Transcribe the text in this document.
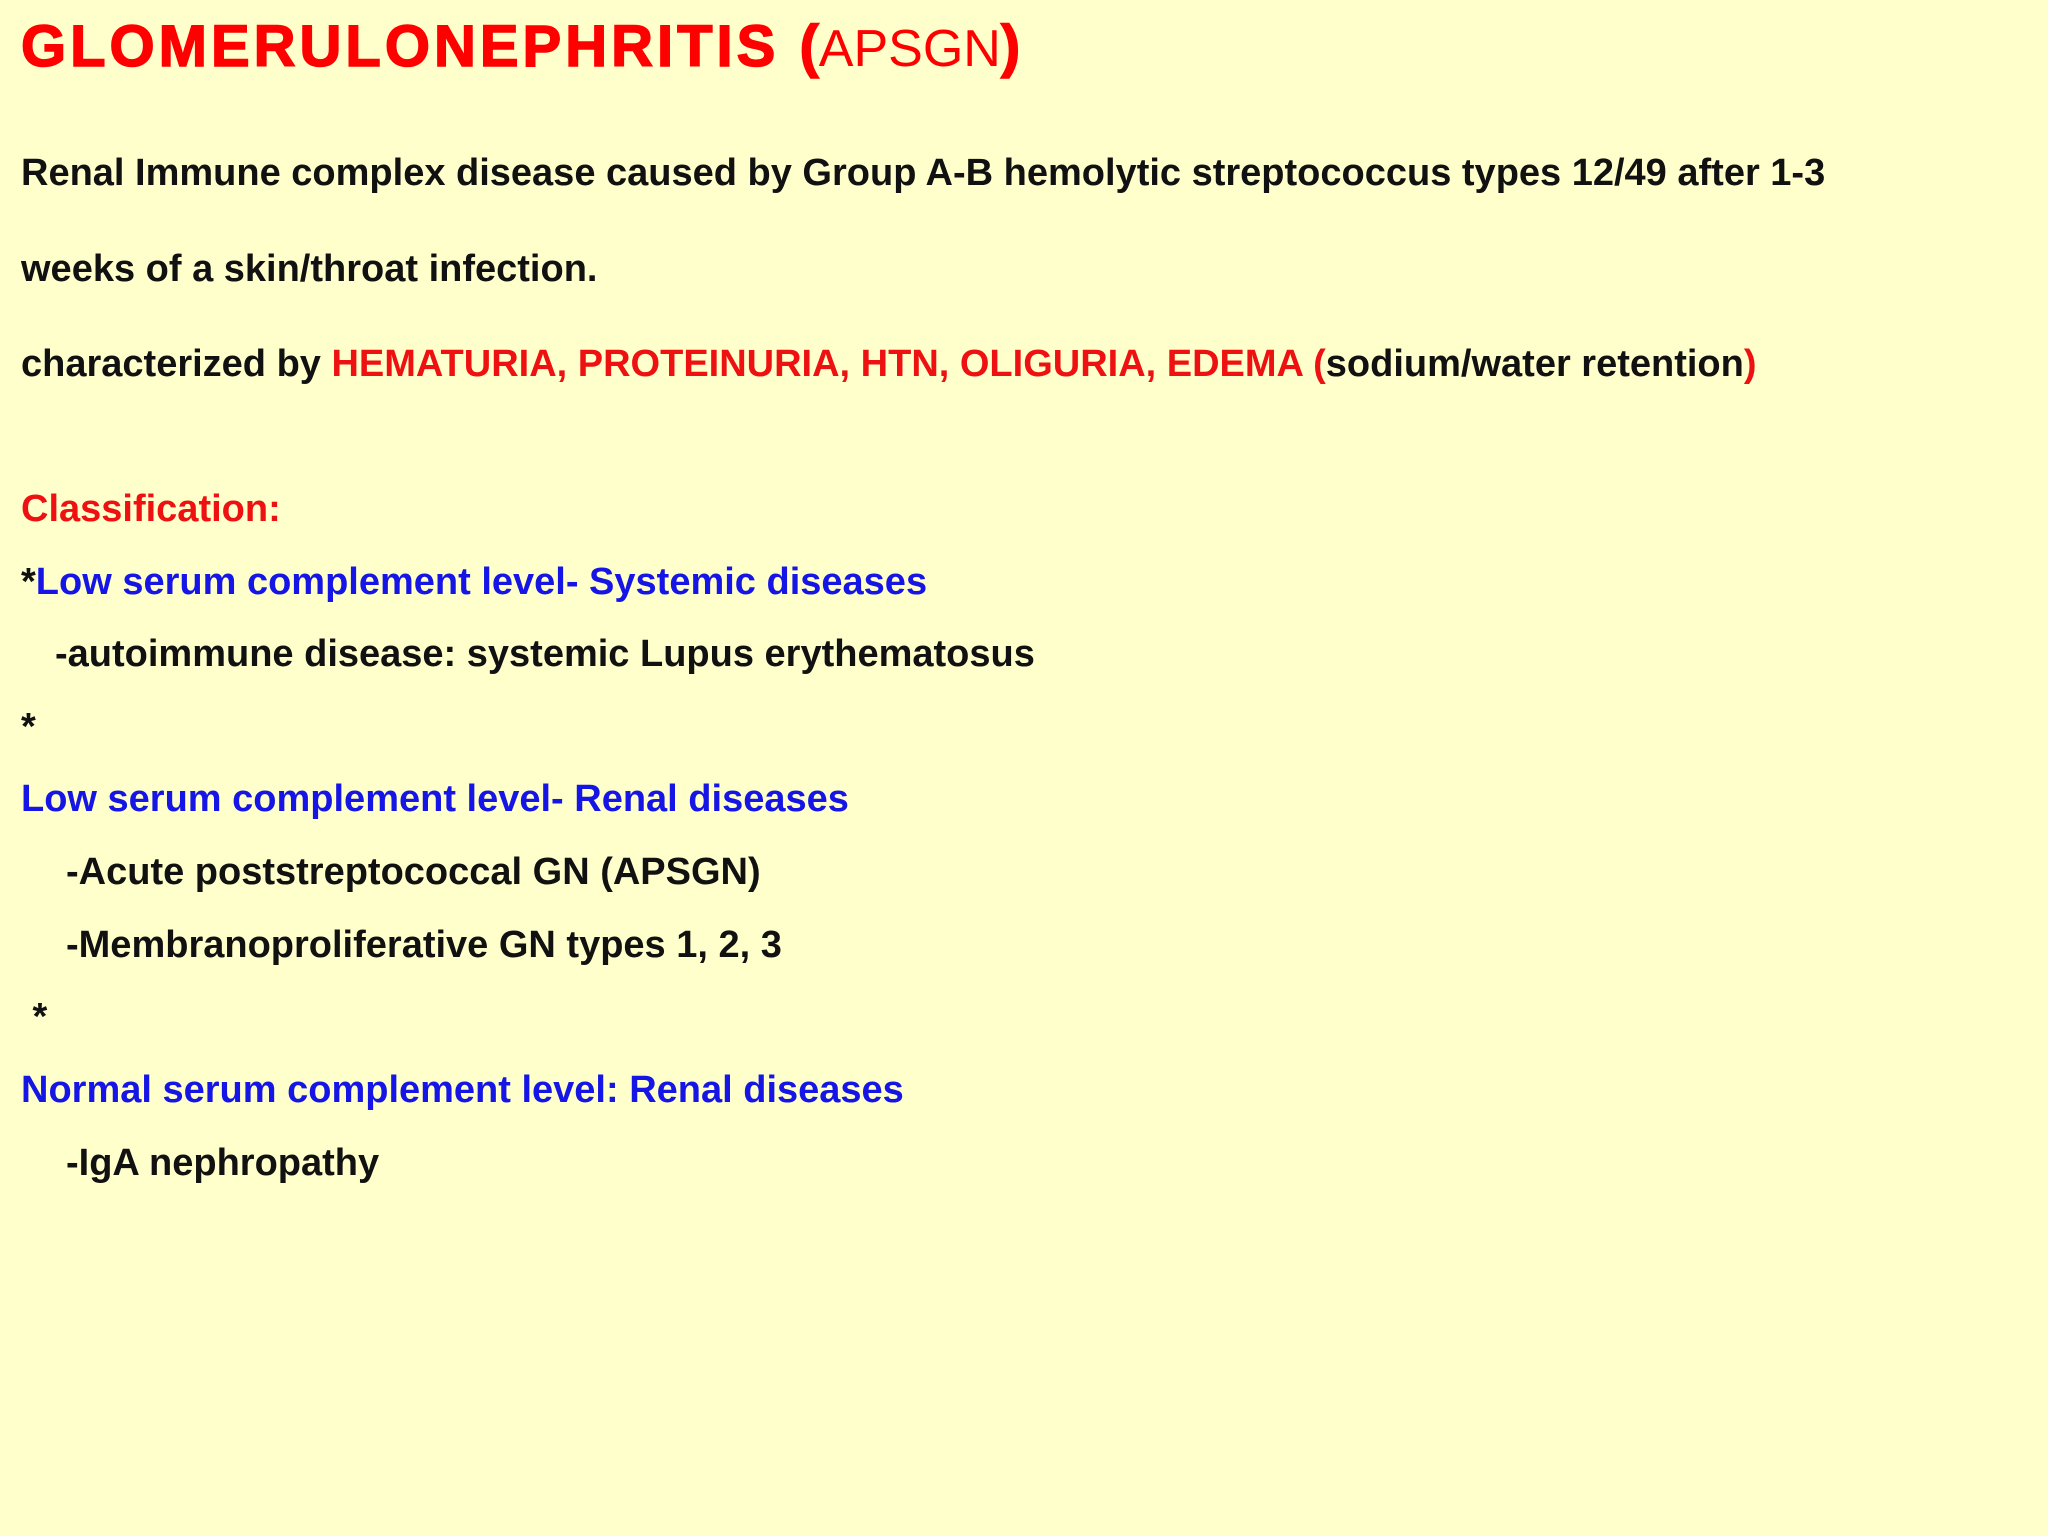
GLOMERULONEPHRITIS (APSGN)
Renal Immune complex disease caused by Group A-B hemolytic streptococcus types 12/49 after 1-3
weeks of a skin/throat infection.
characterized by HEMATURIA, PROTEINURIA, HTN, OLIGURIA, EDEMA (sodium/water retention)
Classification:
*Low serum complement level- Systemic diseases
-autoimmune disease: systemic Lupus erythematosus
*
Low serum complement level- Renal diseases
-Acute poststreptococcal GN (APSGN)
-Membranoproliferative GN types 1, 2, 3
*
Normal serum complement level: Renal diseases
-IgA nephropathy
